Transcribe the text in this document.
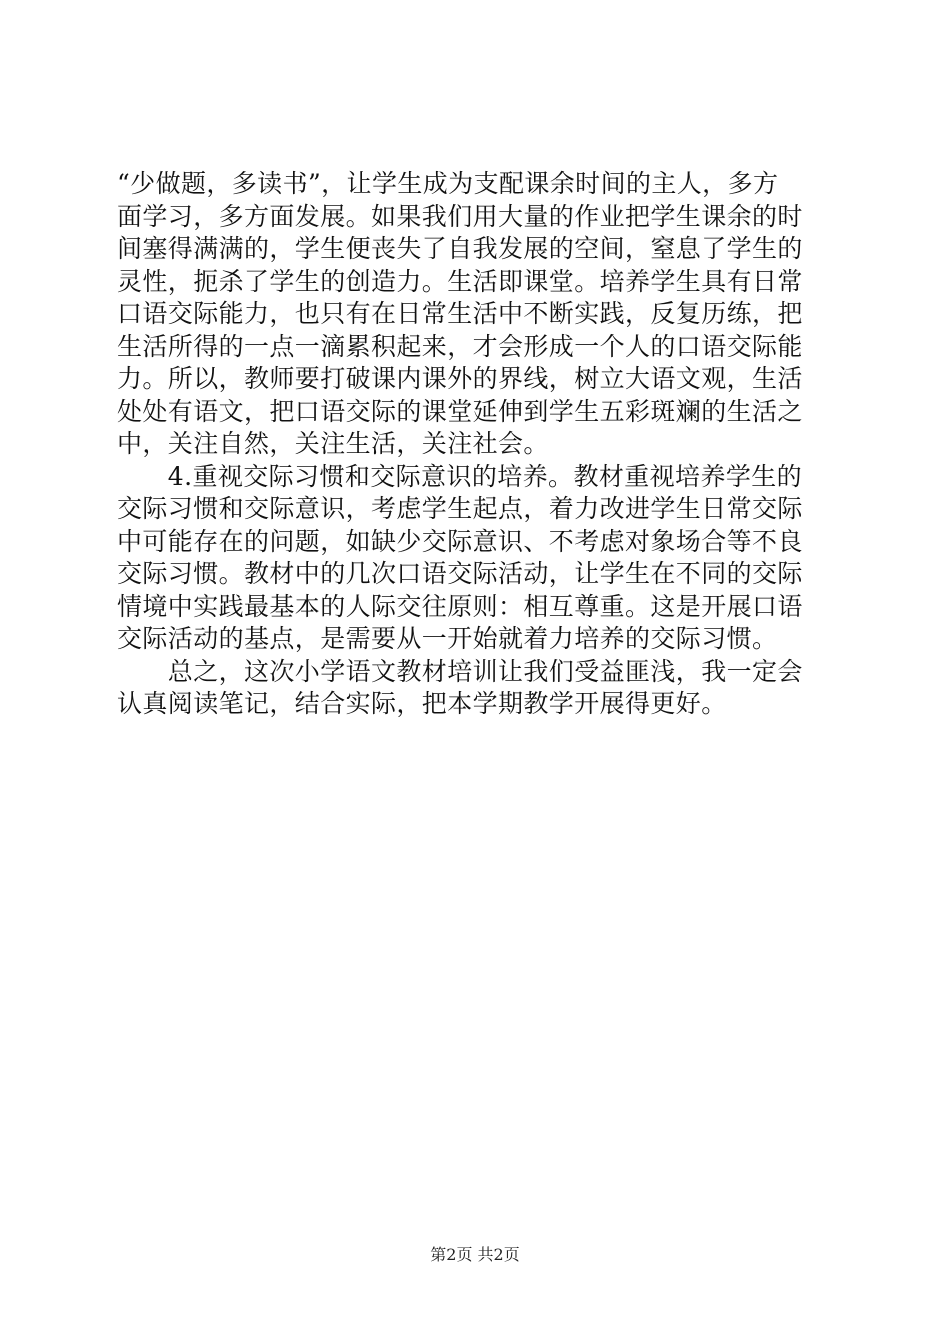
“少做题，多读书”，让学生成为支配课余时间的主人，多方
面学习，多方面发展。如果我们用大量的作业把学生课余的时
间塞得满满的，学生便丧失了自我发展的空间，窒息了学生的
灵性，扼杀了学生的创造力。生活即课堂。培养学生具有日常
口语交际能力，也只有在日常生活中不断实践，反复历练，把
生活所得的一点一滴累积起来，才会形成一个人的口语交际能
力。所以，教师要打破课内课外的界线，树立大语文观，生活
处处有语文，把口语交际的课堂延伸到学生五彩斑斓的生活之
中，关注自然，关注生活，关注社会。
　　4.重视交际习惯和交际意识的培养。教材重视培养学生的
交际习惯和交际意识，考虑学生起点，着力改进学生日常交际
中可能存在的问题，如缺少交际意识、不考虑对象场合等不良
交际习惯。教材中的几次口语交际活动，让学生在不同的交际
情境中实践最基本的人际交往原则：相互尊重。这是开展口语
交际活动的基点，是需要从一开始就着力培养的交际习惯。
　　总之，这次小学语文教材培训让我们受益匪浅，我一定会
认真阅读笔记，结合实际，把本学期教学开展得更好。
第2页 共2页
